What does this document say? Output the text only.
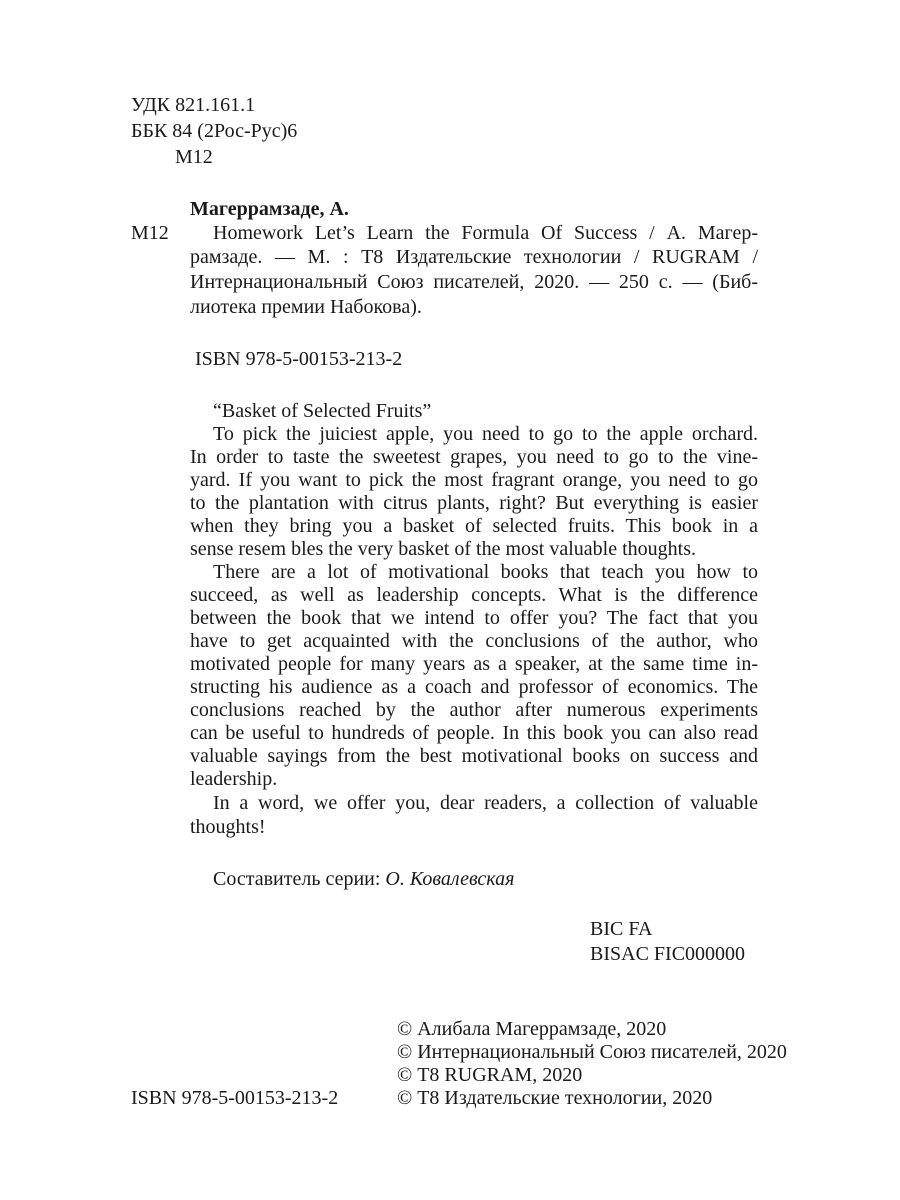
УДК 821.161.1
ББК 84 (2Рос-Рус)6
М12
Магеррамзаде, А.
М12 Homework Let’s Learn the Formula Of Success / А. Магер-
рамзаде. — М. : Т8 Издательские технологии / RUGRAM /
Интернациональный Союз писателей, 2020. — 250 с. — (Биб-
лиотека премии Набокова).
ISBN 978-5-00153-213-2
“Basket of Selected Fruits”
To pick the juiciest apple, you need to go to the apple orchard.
In order to taste the sweetest grapes, you need to go to the vine-
yard. If you want to pick the most fragrant orange, you need to go
to the plantation with citrus plants, right? But everything is easier
when they bring you a basket of selected fruits. This book in a
sense resem bles the very basket of the most valuable thoughts.
There are a lot of motivational books that teach you how to
succeed, as well as leadership concepts. What is the difference
between the book that we intend to offer you? The fact that you
have to get acquainted with the conclusions of the author, who
motivated people for many years as a speaker, at the same time in-
structing his audience as a coach and professor of economics. The
conclusions reached by the author after numerous experiments
can be useful to hundreds of people. In this book you can also read
valuable sayings from the best motivational books on success and
leadership.
In a word, we offer you, dear readers, a collection of valuable
thoughts!
Составитель серии: О. Ковалевская
BIC FA
BISAC FIC000000
ISBN 978-5-00153-213-2
© Алибала Магеррамзаде, 2020
© Интернациональный Союз писателей, 2020
© Т8 RUGRAM, 2020
© Т8 Издательские технологии, 2020
